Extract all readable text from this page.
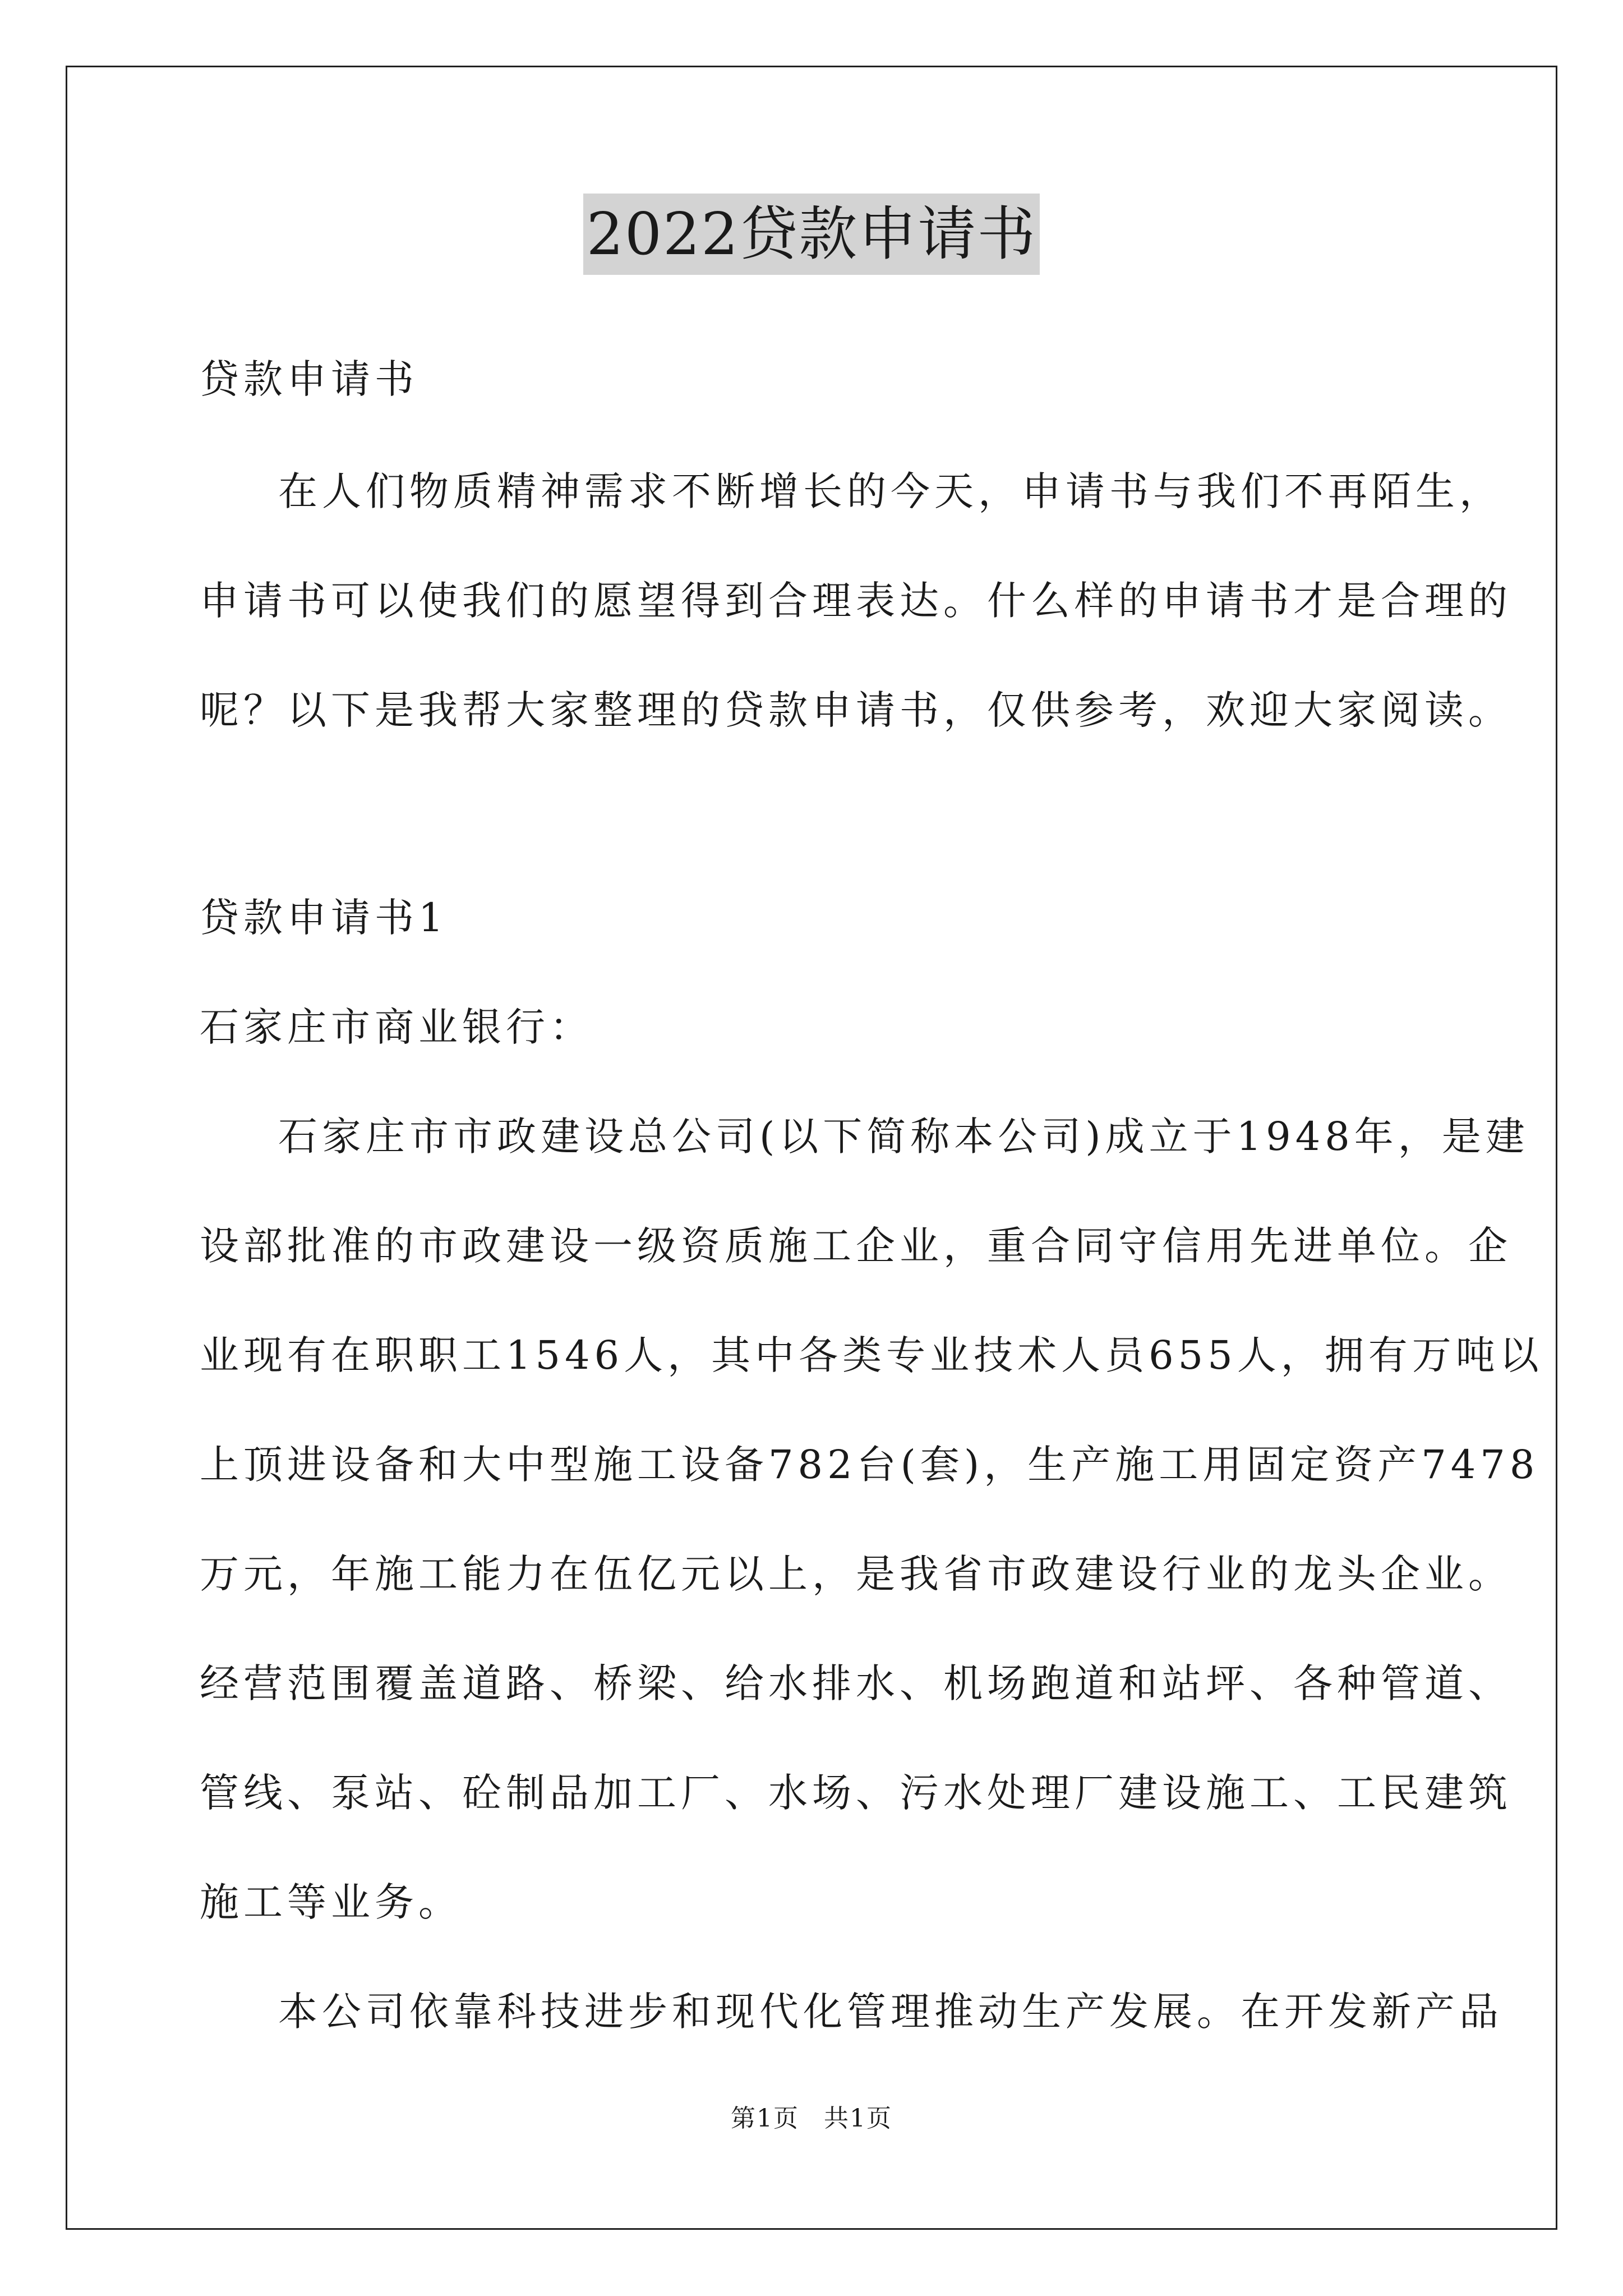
2022贷款申请书
贷款申请书
在人们物质精神需求不断增长的今天，申请书与我们不再陌生，
申请书可以使我们的愿望得到合理表达。什么样的申请书才是合理的
呢？以下是我帮大家整理的贷款申请书，仅供参考，欢迎大家阅读。
贷款申请书1
石家庄市商业银行：
石家庄市市政建设总公司(以下简称本公司)成立于1948年，是建
设部批准的市政建设一级资质施工企业，重合同守信用先进单位。企
业现有在职职工1546人，其中各类专业技术人员655人，拥有万吨以
上顶进设备和大中型施工设备782台(套)，生产施工用固定资产7478
万元，年施工能力在伍亿元以上，是我省市政建设行业的龙头企业。
经营范围覆盖道路、桥梁、给水排水、机场跑道和站坪、各种管道、
管线、泵站、砼制品加工厂、水场、污水处理厂建设施工、工民建筑
施工等业务。
本公司依靠科技进步和现代化管理推动生产发展。在开发新产品
第1页 共1页
